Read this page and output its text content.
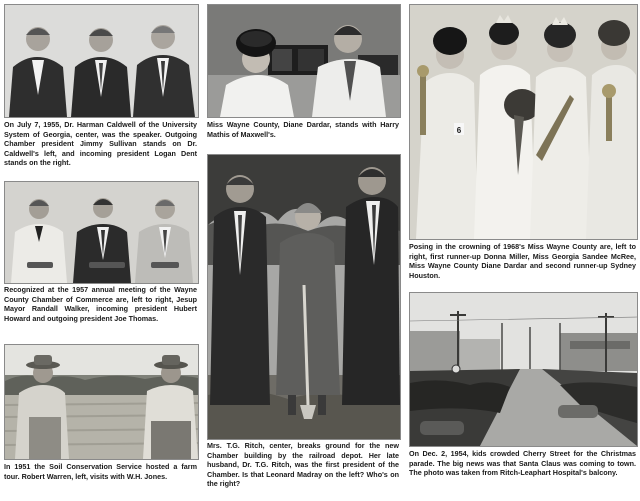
On July 7, 1955, Dr. Harman Caldwell of the University System of Georgia, center, was the speaker. Outgoing Chamber president Jimmy Sullivan stands on Dr. Caldwell's left, and incoming president Logan Dent stands on the right.

Recognized at the 1957 annual meeting of the Wayne County Chamber of Commerce are, left to right, Jesup Mayor Randall Walker, incoming president Hubert Howard and outgoing president Joe Thomas.

In 1951 the Soil Conservation Service hosted a farm tour. Robert Warren, left, visits with W.H. Jones.

Miss Wayne County, Diane Dardar, stands with Harry Mathis of Maxwell's.

Mrs. T.G. Ritch, center, breaks ground for the new Chamber building by the railroad depot. Her late husband, Dr. T.G. Ritch, was the first president of the Chamber. Is that Leonard Madray on the left? Who's on the right?

6

Posing in the crowning of 1968's Miss Wayne County are, left to right, first runner-up Donna Miller, Miss Georgia Sandee McRee, Miss Wayne County Diane Dardar and second runner-up Sydney Houston.

On Dec. 2, 1954, kids crowded Cherry Street for the Christmas parade. The big news was that Santa Claus was coming to town. The photo was taken from Ritch-Leaphart Hospital's balcony.
